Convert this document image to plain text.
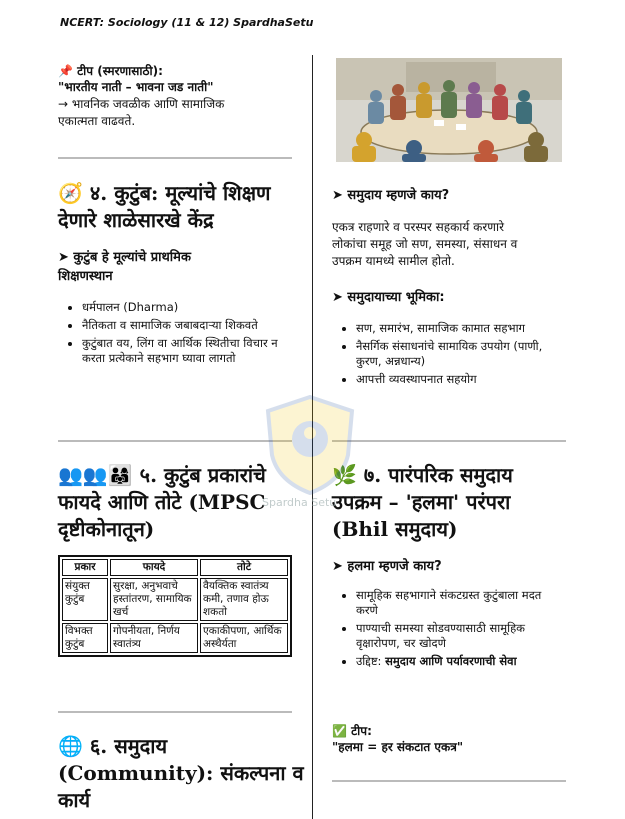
NCERT: Sociology (11 & 12) SpardhaSetu
📌 टीप (स्मरणासाठी):
"भारतीय नाती – भावना जड नाती"
→ भावनिक जवळीक आणि सामाजिक
एकात्मता वाढवते.
🧭 ४. कुटुंब: मूल्यांचे शिक्षण
देणारे शाळेसारखे केंद्र
➤ कुटुंब हे मूल्यांचे प्राथमिक
शिक्षणस्थान
• धर्मपालन (Dharma)
• नैतिकता व सामाजिक जबाबदाऱ्या शिकवते
• कुटुंबात वय, लिंग वा आर्थिक स्थितीचा विचार न करता प्रत्येकाने सहभाग घ्यावा लागतो
👥👥👨‍👩‍👧 ५. कुटुंब प्रकारांचे
फायदे आणि तोटे (MPSC
दृष्टीकोनातून)
प्रकार	फायदे	तोटे
संयुक्त कुटुंब	सुरक्षा, अनुभवाचे हस्तांतरण, सामायिक खर्च	वैयक्तिक स्वातंत्र्य कमी, तणाव होऊ शकतो
विभक्त कुटुंब	गोपनीयता, निर्णय स्वातंत्र्य	एकाकीपणा, आर्थिक अस्थैर्यता
🌐 ६. समुदाय
(Community): संकल्पना व
कार्य
➤ समुदाय म्हणजे काय?
एकत्र राहणारे व परस्पर सहकार्य करणारे
लोकांचा समूह जो सण, समस्या, संसाधन व
उपक्रम यामध्ये सामील होतो.
➤ समुदायाच्या भूमिका:
• सण, समारंभ, सामाजिक कामात सहभाग
• नैसर्गिक संसाधनांचे सामायिक उपयोग (पाणी, कुरण, अन्नधान्य)
• आपत्ती व्यवस्थापनात सहयोग
🌿 ७. पारंपरिक समुदाय
उपक्रम – 'हलमा' परंपरा
(Bhil समुदाय)
➤ हलमा म्हणजे काय?
• सामूहिक सहभागाने संकटग्रस्त कुटुंबाला मदत करणे
• पाण्याची समस्या सोडवण्यासाठी सामूहिक वृक्षारोपण, चर खोदणे
• उद्दिष्ट: समुदाय आणि पर्यावरणाची सेवा
✅ टीप:
"हलमा = हर संकटात एकत्र"
Spardha Setu
